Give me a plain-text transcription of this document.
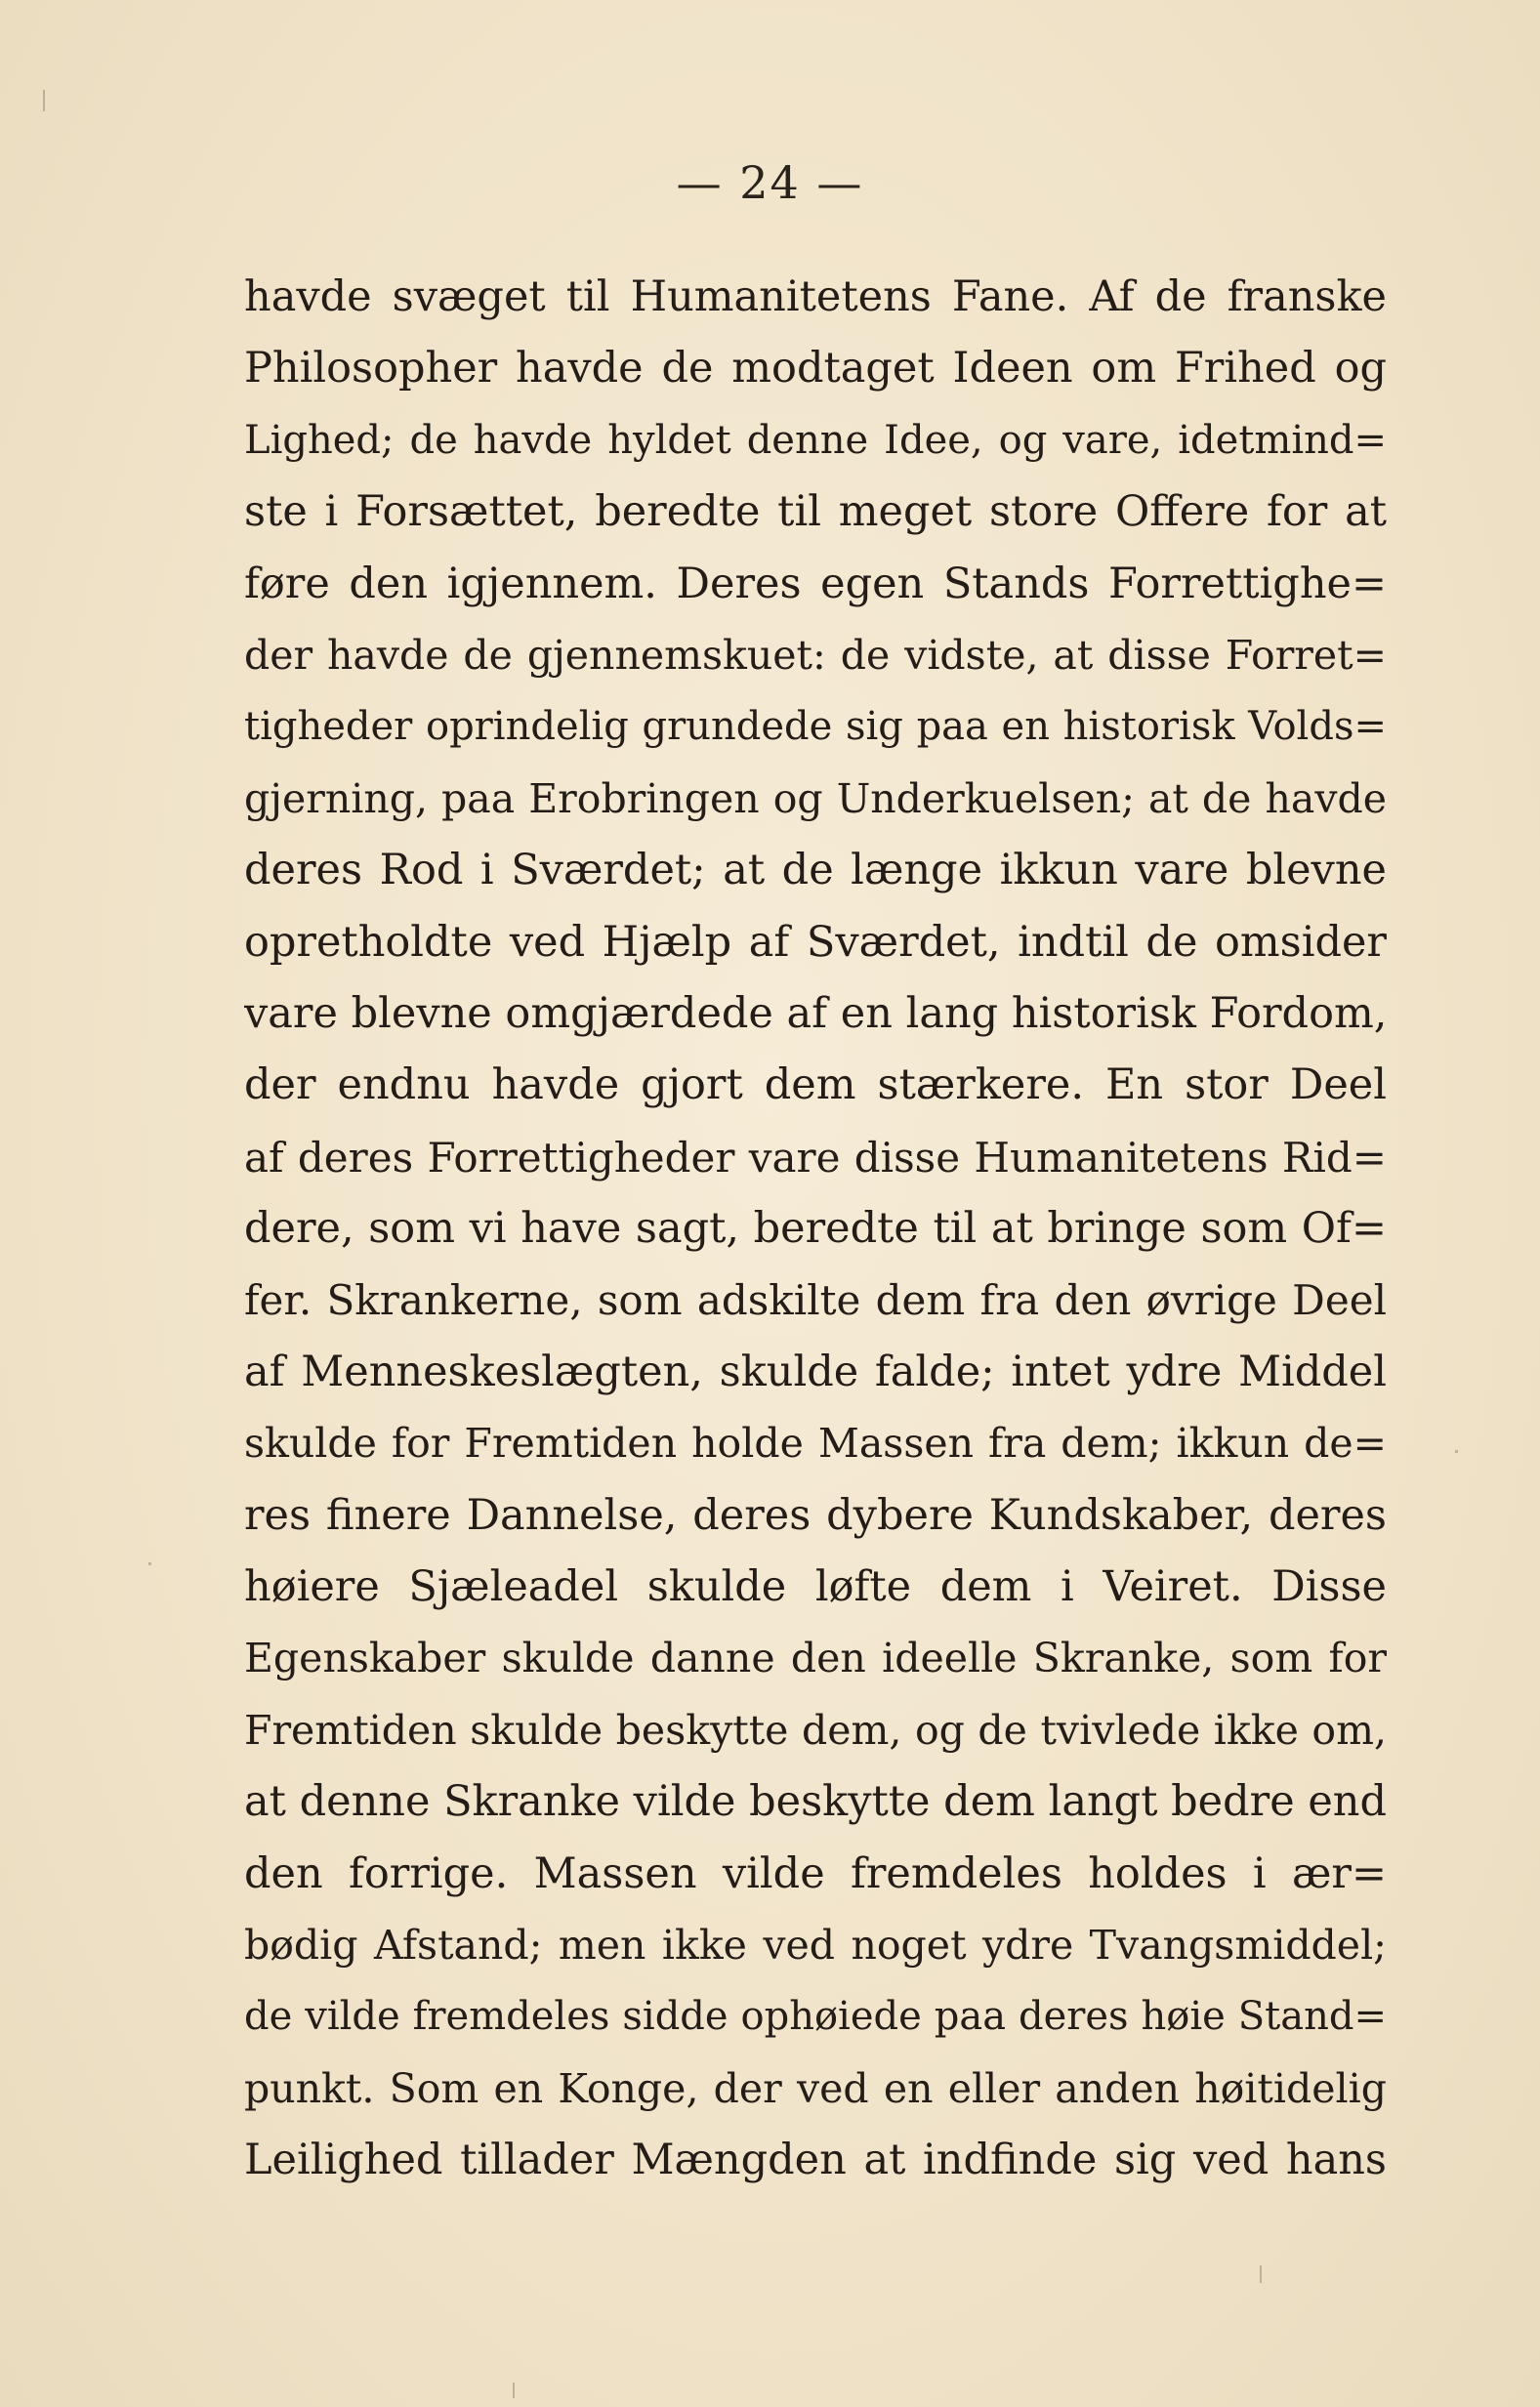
— 24 —
havde svæget til Humanitetens Fane. Af de franske
Philosopher havde de modtaget Ideen om Frihed og
Lighed; de havde hyldet denne Idee, og vare, idetmind=
ste i Forsættet, beredte til meget store Offere for at
føre den igjennem. Deres egen Stands Forrettighe=
der havde de gjennemskuet: de vidste, at disse Forret=
tigheder oprindelig grundede sig paa en historisk Volds=
gjerning, paa Erobringen og Underkuelsen; at de havde
deres Rod i Sværdet; at de længe ikkun vare blevne
opretholdte ved Hjælp af Sværdet, indtil de omsider
vare blevne omgjærdede af en lang historisk Fordom,
der endnu havde gjort dem stærkere. En stor Deel
af deres Forrettigheder vare disse Humanitetens Rid=
dere, som vi have sagt, beredte til at bringe som Of=
fer. Skrankerne, som adskilte dem fra den øvrige Deel
af Menneskeslægten, skulde falde; intet ydre Middel
skulde for Fremtiden holde Massen fra dem; ikkun de=
res finere Dannelse, deres dybere Kundskaber, deres
høiere Sjæleadel skulde løfte dem i Veiret. Disse
Egenskaber skulde danne den ideelle Skranke, som for
Fremtiden skulde beskytte dem, og de tvivlede ikke om,
at denne Skranke vilde beskytte dem langt bedre end
den forrige. Massen vilde fremdeles holdes i ær=
bødig Afstand; men ikke ved noget ydre Tvangsmiddel;
de vilde fremdeles sidde ophøiede paa deres høie Stand=
punkt. Som en Konge, der ved en eller anden høitidelig
Leilighed tillader Mængden at indfinde sig ved hans
